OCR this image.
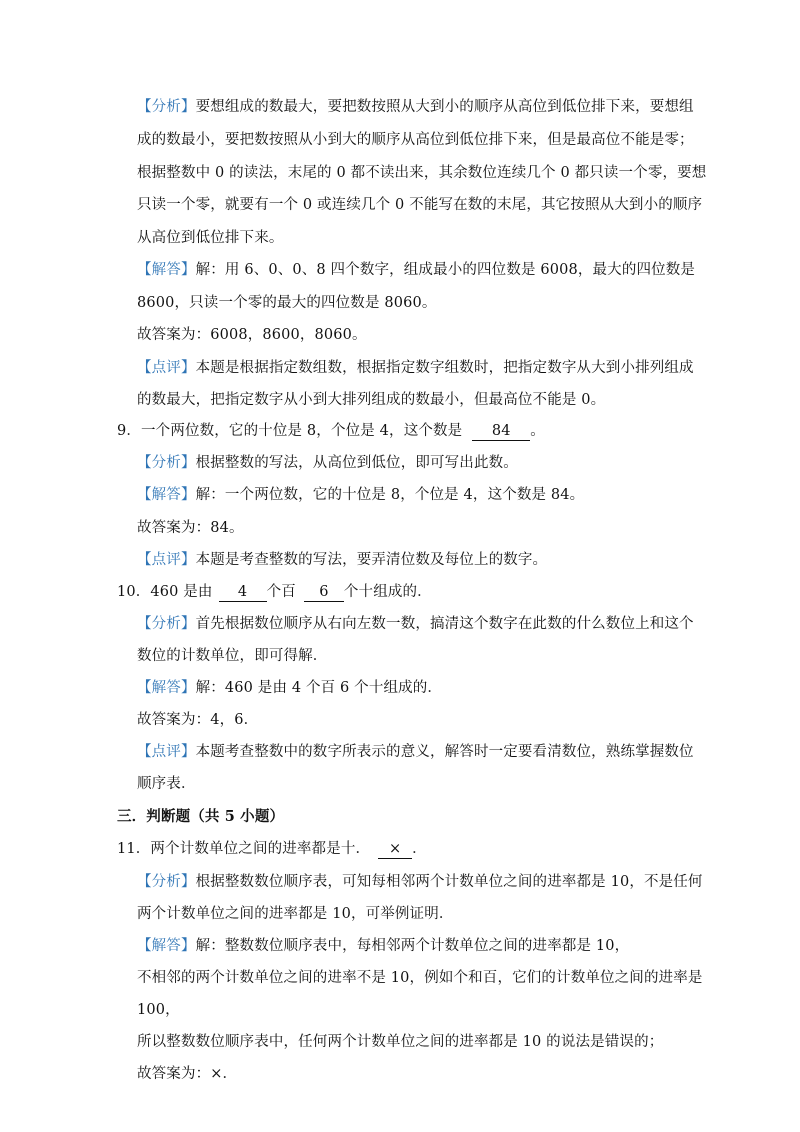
【分析】要想组成的数最大，要把数按照从大到小的顺序从高位到低位排下来，要想组
成的数最小，要把数按照从小到大的顺序从高位到低位排下来，但是最高位不能是零；
根据整数中 0 的读法，末尾的 0 都不读出来，其余数位连续几个 0 都只读一个零，要想
只读一个零，就要有一个 0 或连续几个 0 不能写在数的末尾，其它按照从大到小的顺序
从高位到低位排下来。
【解答】解：用 6、0、0、8 四个数字，组成最小的四位数是 6008，最大的四位数是
8600，只读一个零的最大的四位数是 8060。
故答案为：6008，8600，8060。
【点评】本题是根据指定数组数，根据指定数字组数时，把指定数字从大到小排列组成
的数最大，把指定数字从小到大排列组成的数最小，但最高位不能是 0。
9．一个两位数，它的十位是 8，个位是 4，这个数是 84 。
【分析】根据整数的写法，从高位到低位，即可写出此数。
【解答】解：一个两位数，它的十位是 8，个位是 4，这个数是 84。
故答案为：84。
【点评】本题是考查整数的写法，要弄清位数及每位上的数字。
10．460 是由 4 个百 6 个十组成的．
【分析】首先根据数位顺序从右向左数一数，搞清这个数字在此数的什么数位上和这个
数位的计数单位，即可得解．
【解答】解：460 是由 4 个百 6 个十组成的．
故答案为：4，6．
【点评】本题考查整数中的数字所表示的意义，解答时一定要看清数位，熟练掌握数位
顺序表．
三．判断题（共 5 小题）
11．两个计数单位之间的进率都是十． × ．
【分析】根据整数数位顺序表，可知每相邻两个计数单位之间的进率都是 10，不是任何
两个计数单位之间的进率都是 10，可举例证明．
【解答】解：整数数位顺序表中，每相邻两个计数单位之间的进率都是 10，
不相邻的两个计数单位之间的进率不是 10，例如个和百，它们的计数单位之间的进率是
100，
所以整数数位顺序表中，任何两个计数单位之间的进率都是 10 的说法是错误的；
故答案为：×．
